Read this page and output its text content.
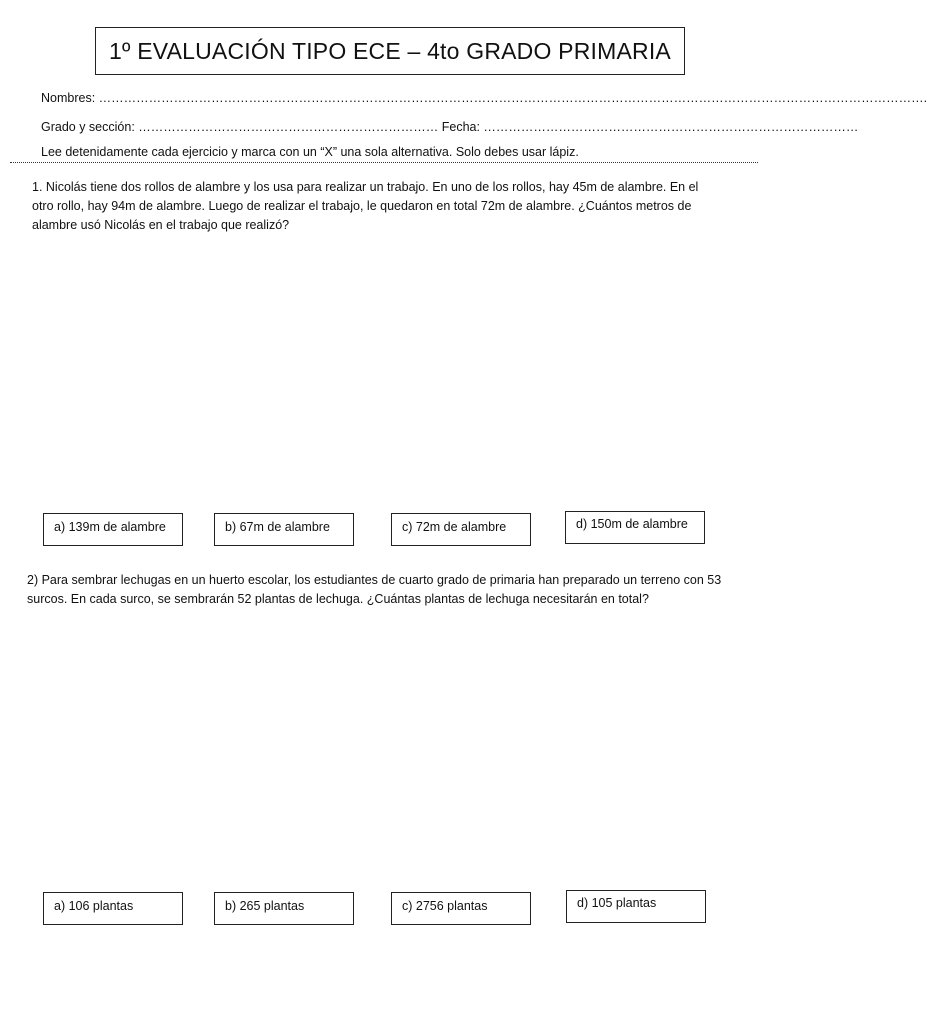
1º EVALUACIÓN TIPO ECE – 4to GRADO PRIMARIA
Nombres: ……………………………………………………………………………………………………………………………………………………………………………….
Grado y sección: ……………………………………………………………… Fecha: ………………………………………………………………………………
Lee detenidamente cada ejercicio y marca con un “X” una sola alternativa. Solo debes usar lápiz.
1. Nicolás tiene dos rollos de alambre y los usa para realizar un trabajo. En uno de los rollos, hay 45m de alambre. En el otro rollo, hay 94m de alambre. Luego de realizar el trabajo, le quedaron en total 72m de alambre. ¿Cuántos metros de alambre usó Nicolás en el trabajo que realizó?
a) 139m de alambre	b) 67m de alambre	c) 72m de alambre	d) 150m de alambre
2) Para sembrar lechugas en un huerto escolar, los estudiantes de cuarto grado de primaria han preparado un terreno con 53 surcos. En cada surco, se sembrarán 52 plantas de lechuga. ¿Cuántas plantas de lechuga necesitarán en total?
a) 106 plantas	b) 265 plantas	c) 2756 plantas	d) 105 plantas
